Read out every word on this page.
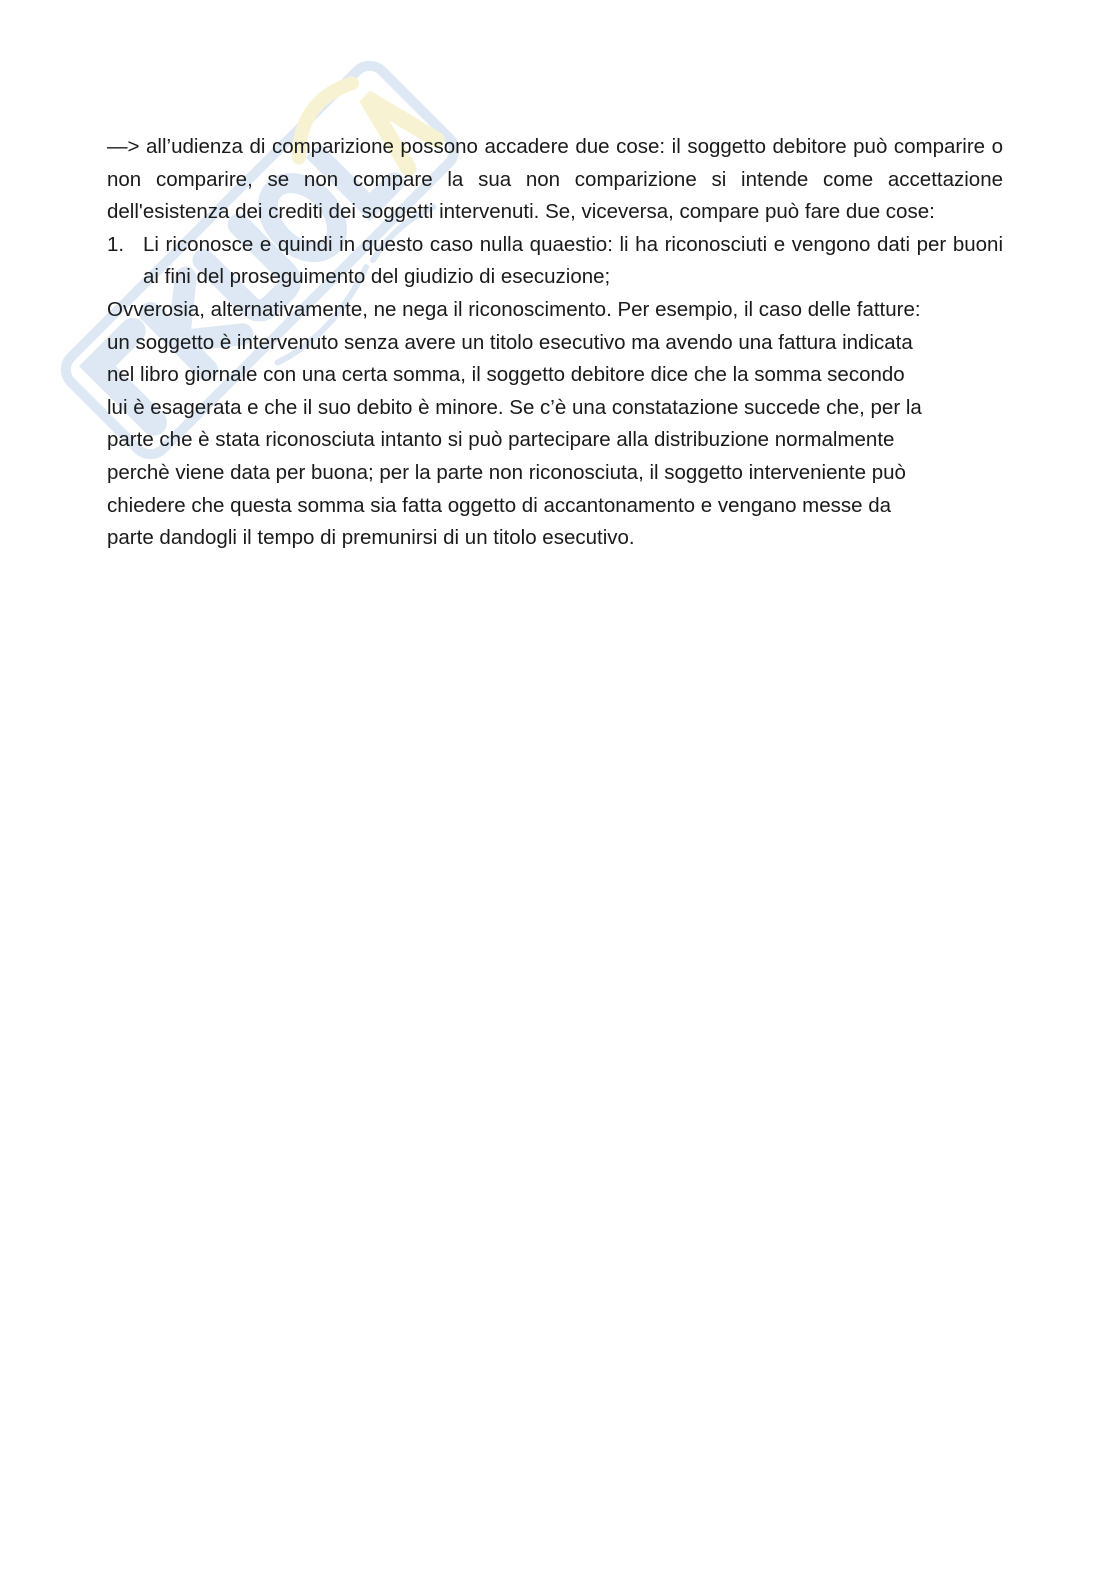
—> all’udienza di comparizione possono accadere due cose: il soggetto debitore può comparire o non comparire, se non compare la sua non comparizione si intende come accettazione dell'esistenza dei crediti dei soggetti intervenuti. Se, viceversa, compare può fare due cose:

1. Li riconosce e quindi in questo caso nulla quaestio: li ha riconosciuti e vengono dati per buoni ai fini del proseguimento del giudizio di esecuzione;

Ovverosia, alternativamente, ne nega il riconoscimento. Per esempio, il caso delle fatture:

un soggetto è intervenuto senza avere un titolo esecutivo ma avendo una fattura indicata

nel libro giornale con una certa somma, il soggetto debitore dice che la somma secondo

lui è esagerata e che il suo debito è minore. Se c’è una constatazione succede che, per la

parte che è stata riconosciuta intanto si può partecipare alla distribuzione normalmente

perchè viene data per buona; per la parte non riconosciuta, il soggetto interveniente può

chiedere che questa somma sia fatta oggetto di accantonamento e vengano messe da

parte dandogli il tempo di premunirsi di un titolo esecutivo.
